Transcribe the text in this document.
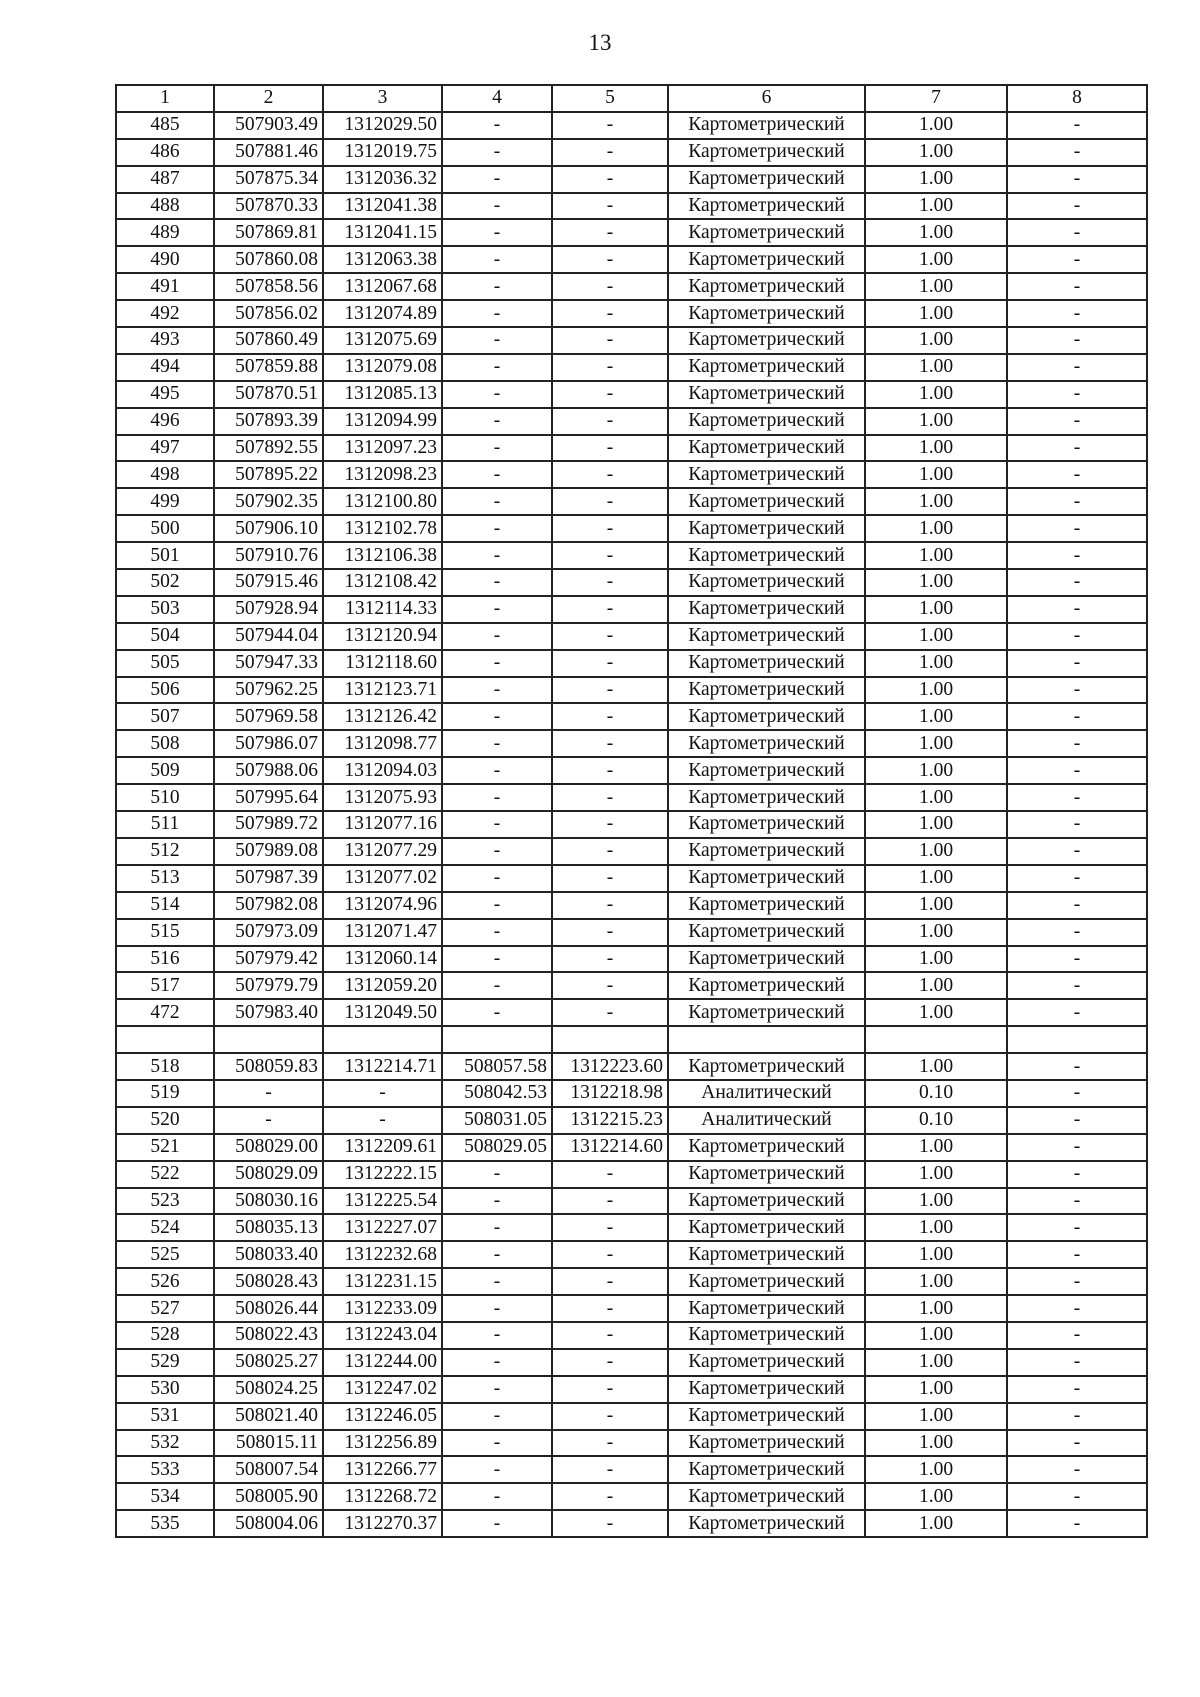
13
1	2	3	4	5	6	7	8
485	507903.49	1312029.50	-	-	Картометрический	1.00	-
486	507881.46	1312019.75	-	-	Картометрический	1.00	-
487	507875.34	1312036.32	-	-	Картометрический	1.00	-
488	507870.33	1312041.38	-	-	Картометрический	1.00	-
489	507869.81	1312041.15	-	-	Картометрический	1.00	-
490	507860.08	1312063.38	-	-	Картометрический	1.00	-
491	507858.56	1312067.68	-	-	Картометрический	1.00	-
492	507856.02	1312074.89	-	-	Картометрический	1.00	-
493	507860.49	1312075.69	-	-	Картометрический	1.00	-
494	507859.88	1312079.08	-	-	Картометрический	1.00	-
495	507870.51	1312085.13	-	-	Картометрический	1.00	-
496	507893.39	1312094.99	-	-	Картометрический	1.00	-
497	507892.55	1312097.23	-	-	Картометрический	1.00	-
498	507895.22	1312098.23	-	-	Картометрический	1.00	-
499	507902.35	1312100.80	-	-	Картометрический	1.00	-
500	507906.10	1312102.78	-	-	Картометрический	1.00	-
501	507910.76	1312106.38	-	-	Картометрический	1.00	-
502	507915.46	1312108.42	-	-	Картометрический	1.00	-
503	507928.94	1312114.33	-	-	Картометрический	1.00	-
504	507944.04	1312120.94	-	-	Картометрический	1.00	-
505	507947.33	1312118.60	-	-	Картометрический	1.00	-
506	507962.25	1312123.71	-	-	Картометрический	1.00	-
507	507969.58	1312126.42	-	-	Картометрический	1.00	-
508	507986.07	1312098.77	-	-	Картометрический	1.00	-
509	507988.06	1312094.03	-	-	Картометрический	1.00	-
510	507995.64	1312075.93	-	-	Картометрический	1.00	-
511	507989.72	1312077.16	-	-	Картометрический	1.00	-
512	507989.08	1312077.29	-	-	Картометрический	1.00	-
513	507987.39	1312077.02	-	-	Картометрический	1.00	-
514	507982.08	1312074.96	-	-	Картометрический	1.00	-
515	507973.09	1312071.47	-	-	Картометрический	1.00	-
516	507979.42	1312060.14	-	-	Картометрический	1.00	-
517	507979.79	1312059.20	-	-	Картометрический	1.00	-
472	507983.40	1312049.50	-	-	Картометрический	1.00	-

518	508059.83	1312214.71	508057.58	1312223.60	Картометрический	1.00	-
519	-	-	508042.53	1312218.98	Аналитический	0.10	-
520	-	-	508031.05	1312215.23	Аналитический	0.10	-
521	508029.00	1312209.61	508029.05	1312214.60	Картометрический	1.00	-
522	508029.09	1312222.15	-	-	Картометрический	1.00	-
523	508030.16	1312225.54	-	-	Картометрический	1.00	-
524	508035.13	1312227.07	-	-	Картометрический	1.00	-
525	508033.40	1312232.68	-	-	Картометрический	1.00	-
526	508028.43	1312231.15	-	-	Картометрический	1.00	-
527	508026.44	1312233.09	-	-	Картометрический	1.00	-
528	508022.43	1312243.04	-	-	Картометрический	1.00	-
529	508025.27	1312244.00	-	-	Картометрический	1.00	-
530	508024.25	1312247.02	-	-	Картометрический	1.00	-
531	508021.40	1312246.05	-	-	Картометрический	1.00	-
532	508015.11	1312256.89	-	-	Картометрический	1.00	-
533	508007.54	1312266.77	-	-	Картометрический	1.00	-
534	508005.90	1312268.72	-	-	Картометрический	1.00	-
535	508004.06	1312270.37	-	-	Картометрический	1.00	-
